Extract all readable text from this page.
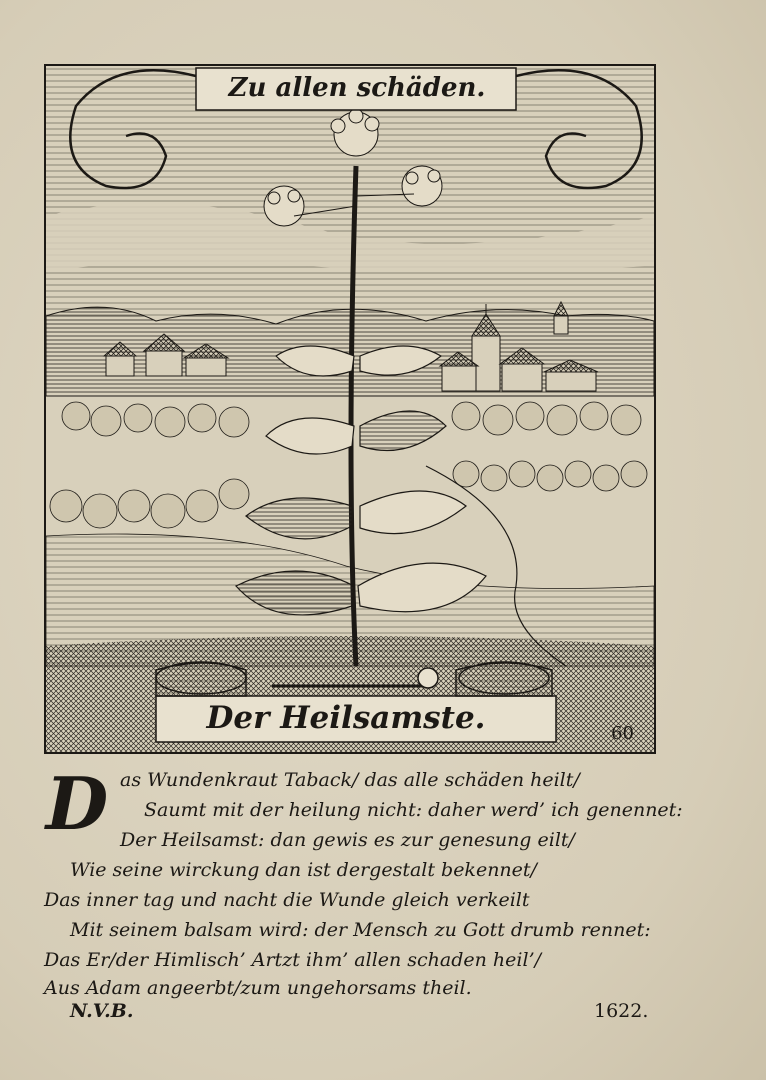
Zu allen schäden.
Der Heilsamste.	60
D as Wundenkraut Taback/ das alle schäden heilt/
Saumt mit der heilung nicht: daher werd’ ich genennet:
Der Heilsamst: dan gewis es zur genesung eilt/
Wie seine wirckung dan ist dergestalt bekennet/
Das inner tag und nacht die Wunde gleich verkeilt
Mit seinem balsam wird: der Mensch zu Gott drumb rennet:
Das Er/der Himlisch’ Artzt ihm’ allen schaden heil’/
Aus Adam angeerbt/zum ungehorsams theil.
N.V.B.	1622.
